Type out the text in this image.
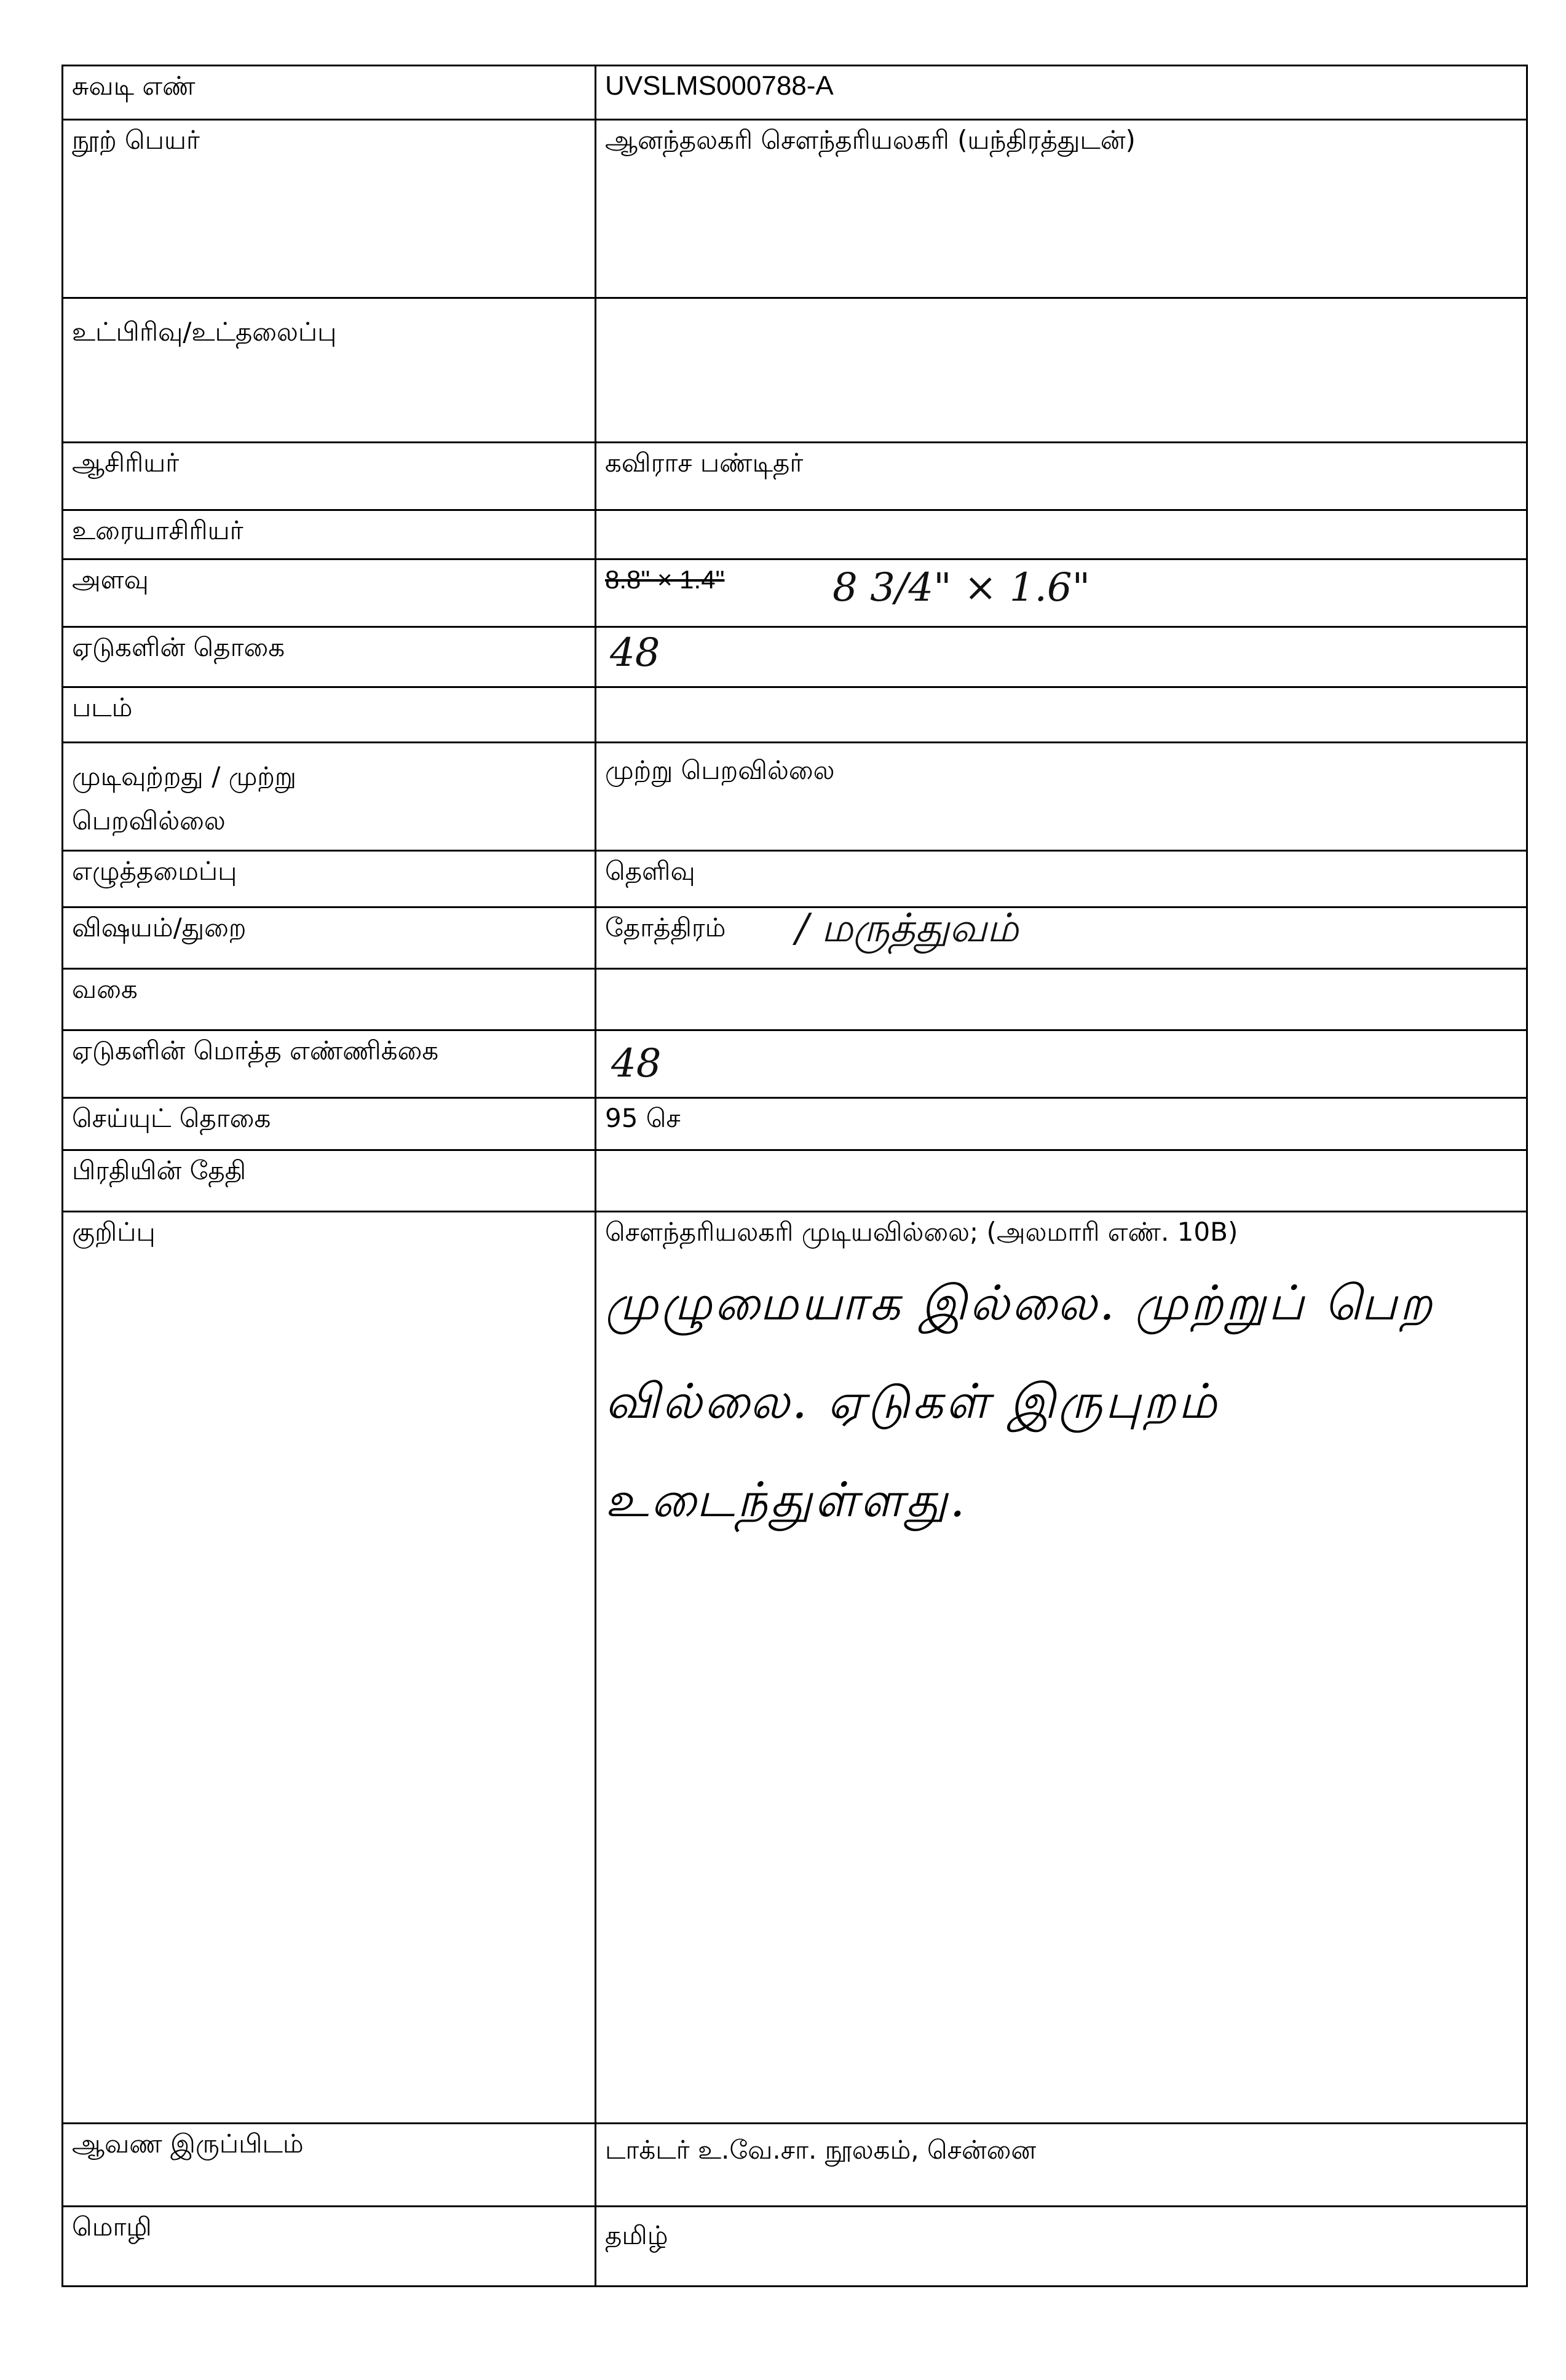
சுவடி எண்	UVSLMS000788-A

நூற் பெயர்	ஆனந்தலகரி சௌந்தரியலகரி (யந்திரத்துடன்)

உட்பிரிவு/உட்தலைப்பு	

ஆசிரியர்	கவிராச பண்டிதர்

உரையாசிரியர்	

அளவு	8.8" × 1.4" 8 3/4" × 1.6"

ஏடுகளின் தொகை	48

படம்	

முடிவுற்றது / முற்று பெறவில்லை	முற்று பெறவில்லை

எழுத்தமைப்பு	தெளிவு

விஷயம்/துறை	தோத்திரம் / மருத்துவம்

வகை	

ஏடுகளின் மொத்த எண்ணிக்கை	48

செய்யுட் தொகை	95 செ

பிரதியின் தேதி	

குறிப்பு	சௌந்தரியலகரி முடியவில்லை; (அலமாரி எண். 10B)
முழுமையாக இல்லை. முற்றுப் பெற
வில்லை. ஏடுகள் இருபுறம்
உடைந்துள்ளது.

ஆவண இருப்பிடம்	டாக்டர் உ.வே.சா. நூலகம், சென்னை

மொழி	தமிழ்
